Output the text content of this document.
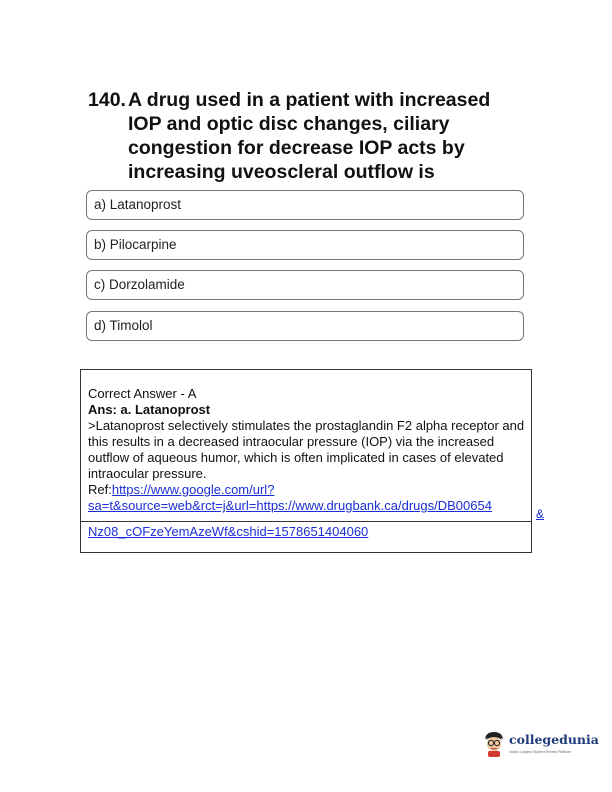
140. A drug used in a patient with increased IOP and optic disc changes, ciliary congestion for decrease IOP acts by increasing uveoscleral outflow is
a) Latanoprost
b) Pilocarpine
c) Dorzolamide
d) Timolol
Correct Answer - A
Ans: a. Latanoprost
>Latanoprost selectively stimulates the prostaglandin F2 alpha receptor and this results in a decreased intraocular pressure (IOP) via the increased outflow of aqueous humor, which is often implicated in cases of elevated intraocular pressure.
Ref:https://www.google.com/url?
sa=t&source=web&rct=j&url=https://www.drugbank.ca/drugs/DB00654
&
Nz08_cOFzeYemAzeWf&cshid=1578651404060
collegedunia
India's Largest Student Review Platform
